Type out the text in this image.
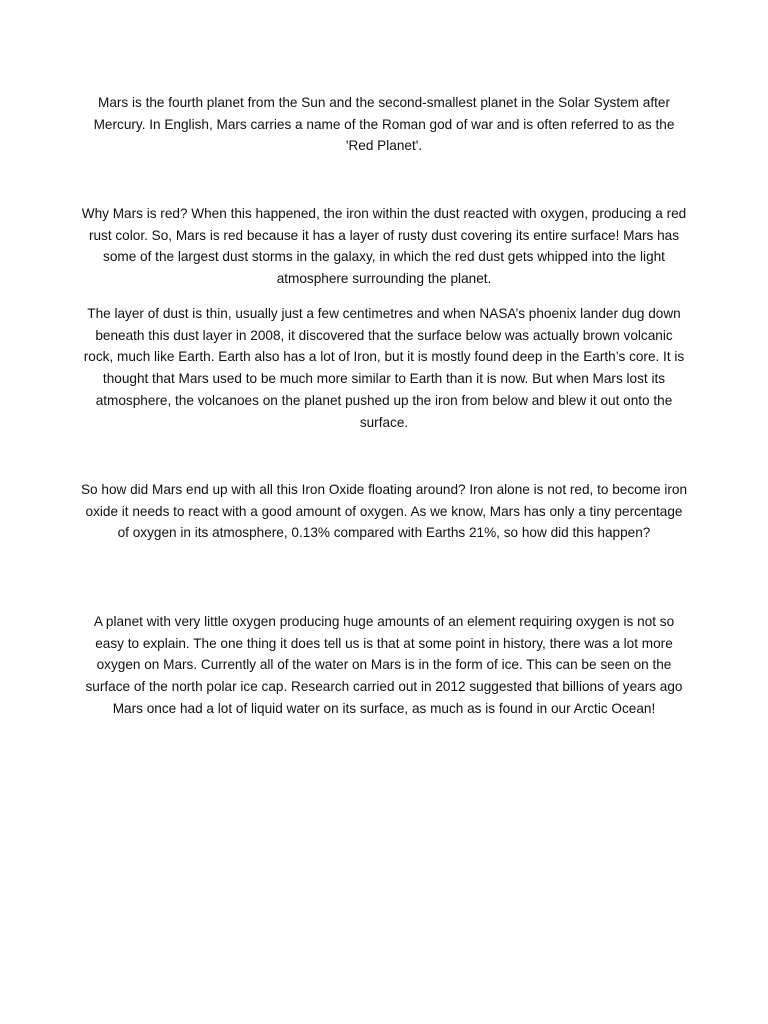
Mars is the fourth planet from the Sun and the second-smallest planet in the Solar System after Mercury. In English, Mars carries a name of the Roman god of war and is often referred to as the 'Red Planet'.

Why Mars is red? When this happened, the iron within the dust reacted with oxygen, producing a red rust color. So, Mars is red because it has a layer of rusty dust covering its entire surface! Mars has some of the largest dust storms in the galaxy, in which the red dust gets whipped into the light atmosphere surrounding the planet.

The layer of dust is thin, usually just a few centimetres and when NASA’s phoenix lander dug down beneath this dust layer in 2008, it discovered that the surface below was actually brown volcanic rock, much like Earth. Earth also has a lot of Iron, but it is mostly found deep in the Earth’s core. It is thought that Mars used to be much more similar to Earth than it is now. But when Mars lost its atmosphere, the volcanoes on the planet pushed up the iron from below and blew it out onto the surface.

So how did Mars end up with all this Iron Oxide floating around? Iron alone is not red, to become iron oxide it needs to react with a good amount of oxygen. As we know, Mars has only a tiny percentage of oxygen in its atmosphere, 0.13% compared with Earths 21%, so how did this happen?

A planet with very little oxygen producing huge amounts of an element requiring oxygen is not so easy to explain. The one thing it does tell us is that at some point in history, there was a lot more oxygen on Mars. Currently all of the water on Mars is in the form of ice. This can be seen on the surface of the north polar ice cap. Research carried out in 2012 suggested that billions of years ago Mars once had a lot of liquid water on its surface, as much as is found in our Arctic Ocean!
